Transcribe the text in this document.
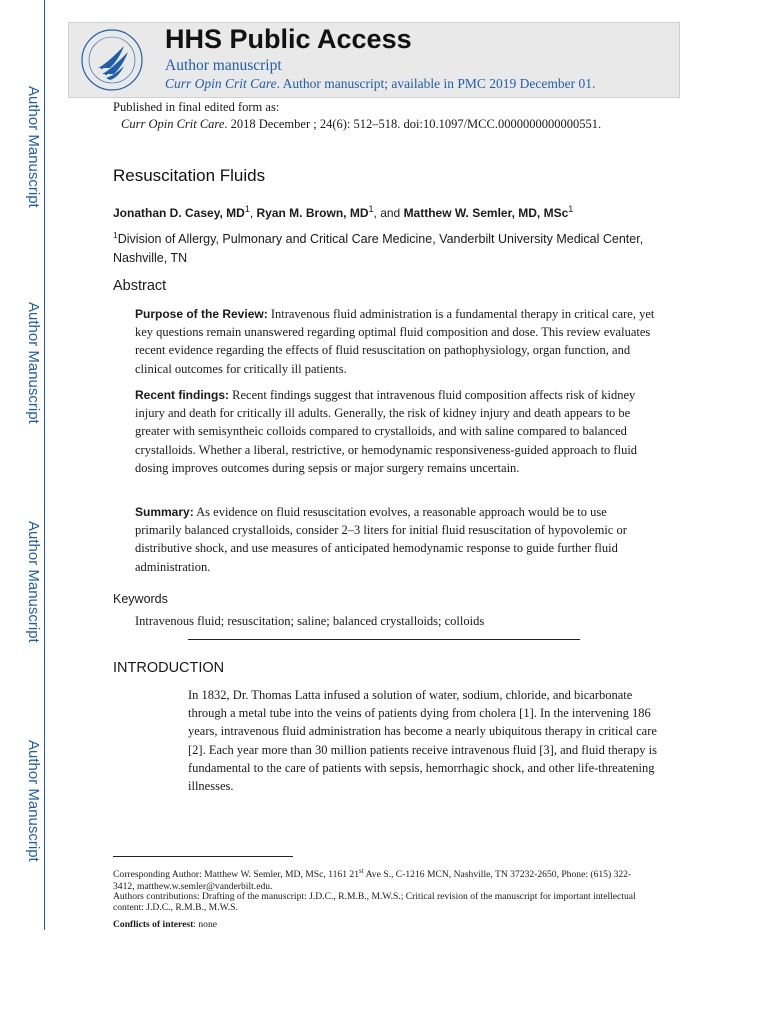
Author Manuscript
Author Manuscript
Author Manuscript
Author Manuscript
HHS Public Access
Author manuscript
Curr Opin Crit Care. Author manuscript; available in PMC 2019 December 01.
Published in final edited form as:
Curr Opin Crit Care. 2018 December ; 24(6): 512–518. doi:10.1097/MCC.0000000000000551.
Resuscitation Fluids
Jonathan D. Casey, $MD^1$, Ryan M. Brown, $MD^1$, and Matthew W. Semler, MD, MSc$^1$
$^1$Division of Allergy, Pulmonary and Critical Care Medicine, Vanderbilt University Medical Center, Nashville, TN
Abstract
Purpose of the Review: Intravenous fluid administration is a fundamental therapy in critical care, yet key questions remain unanswered regarding optimal fluid composition and dose. This review evaluates recent evidence regarding the effects of fluid resuscitation on pathophysiology, organ function, and clinical outcomes for critically ill patients.
Recent findings: Recent findings suggest that intravenous fluid composition affects risk of kidney injury and death for critically ill adults. Generally, the risk of kidney injury and death appears to be greater with semisyntheic colloids compared to crystalloids, and with saline compared to balanced crystalloids. Whether a liberal, restrictive, or hemodynamic responsiveness-guided approach to fluid dosing improves outcomes during sepsis or major surgery remains uncertain.
Summary: As evidence on fluid resuscitation evolves, a reasonable approach would be to use primarily balanced crystalloids, consider 2–3 liters for initial fluid resuscitation of hypovolemic or distributive shock, and use measures of anticipated hemodynamic response to guide further fluid administration.
Keywords
Intravenous fluid; resuscitation; saline; balanced crystalloids; colloids
INTRODUCTION
In 1832, Dr. Thomas Latta infused a solution of water, sodium, chloride, and bicarbonate through a metal tube into the veins of patients dying from cholera [1]. In the intervening 186 years, intravenous fluid administration has become a nearly ubiquitous therapy in critical care [2]. Each year more than 30 million patients receive intravenous fluid [3], and fluid therapy is fundamental to the care of patients with sepsis, hemorrhagic shock, and other life-threatening illnesses.
Corresponding Author: Matthew W. Semler, MD, MSc, 1161 21st Ave S., C-1216 MCN, Nashville, TN 37232-2650, Phone: (615) 322-3412, matthew.w.semler@vanderbilt.edu.
Authors contributions: Drafting of the manuscript: J.D.C., R.M.B., M.W.S.; Critical revision of the manuscript for important intellectual content: J.D.C., R.M.B., M.W.S.
Conflicts of interest: none
